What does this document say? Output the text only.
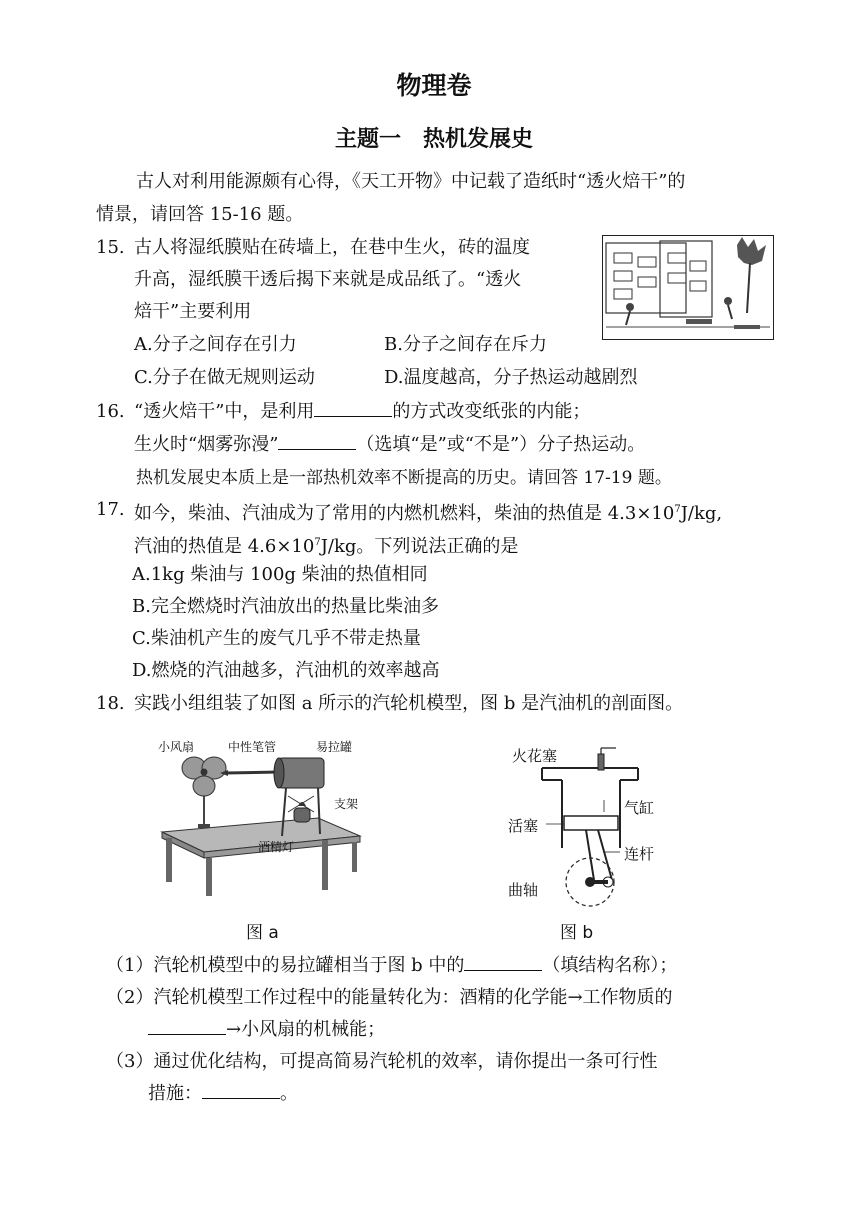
物理卷
主题一　热机发展史
古人对利用能源颇有心得，《天工开物》中记载了造纸时“透火焙干”的
情景，请回答 15-16 题。
15. 古人将湿纸膜贴在砖墙上，在巷中生火，砖的温度
升高，湿纸膜干透后揭下来就是成品纸了。“透火
焙干”主要利用
A.分子之间存在引力	B.分子之间存在斥力
C.分子在做无规则运动	D.温度越高，分子热运动越剧烈
16. “透火焙干”中，是利用	的方式改变纸张的内能；
生火时“烟雾弥漫”	（选填“是”或“不是”）分子热运动。
热机发展史本质上是一部热机效率不断提高的历史。请回答 17-19 题。
17. 如今，柴油、汽油成为了常用的内燃机燃料，柴油的热值是 $4.3\times 10^7J/kg$,
汽油的热值是 $4.6\times 10^7J/kg$。下列说法正确的是
A.1kg 柴油与 100g 柴油的热值相同
B.完全燃烧时汽油放出的热量比柴油多
C.柴油机产生的废气几乎不带走热量
D.燃烧的汽油越多，汽油机的效率越高
18. 实践小组组装了如图 a 所示的汽轮机模型，图 b 是汽油机的剖面图。
小风扇	中性笔管	易拉罐
支架
酒精灯
图 a
火花塞
气缸
活塞
连杆
曲轴
图 b
（1）汽轮机模型中的易拉罐相当于图 b 中的	（填结构名称）；
（2）汽轮机模型工作过程中的能量转化为：酒精的化学能→工作物质的
→小风扇的机械能；
（3）通过优化结构，可提高简易汽轮机的效率，请你提出一条可行性
措施：	。
